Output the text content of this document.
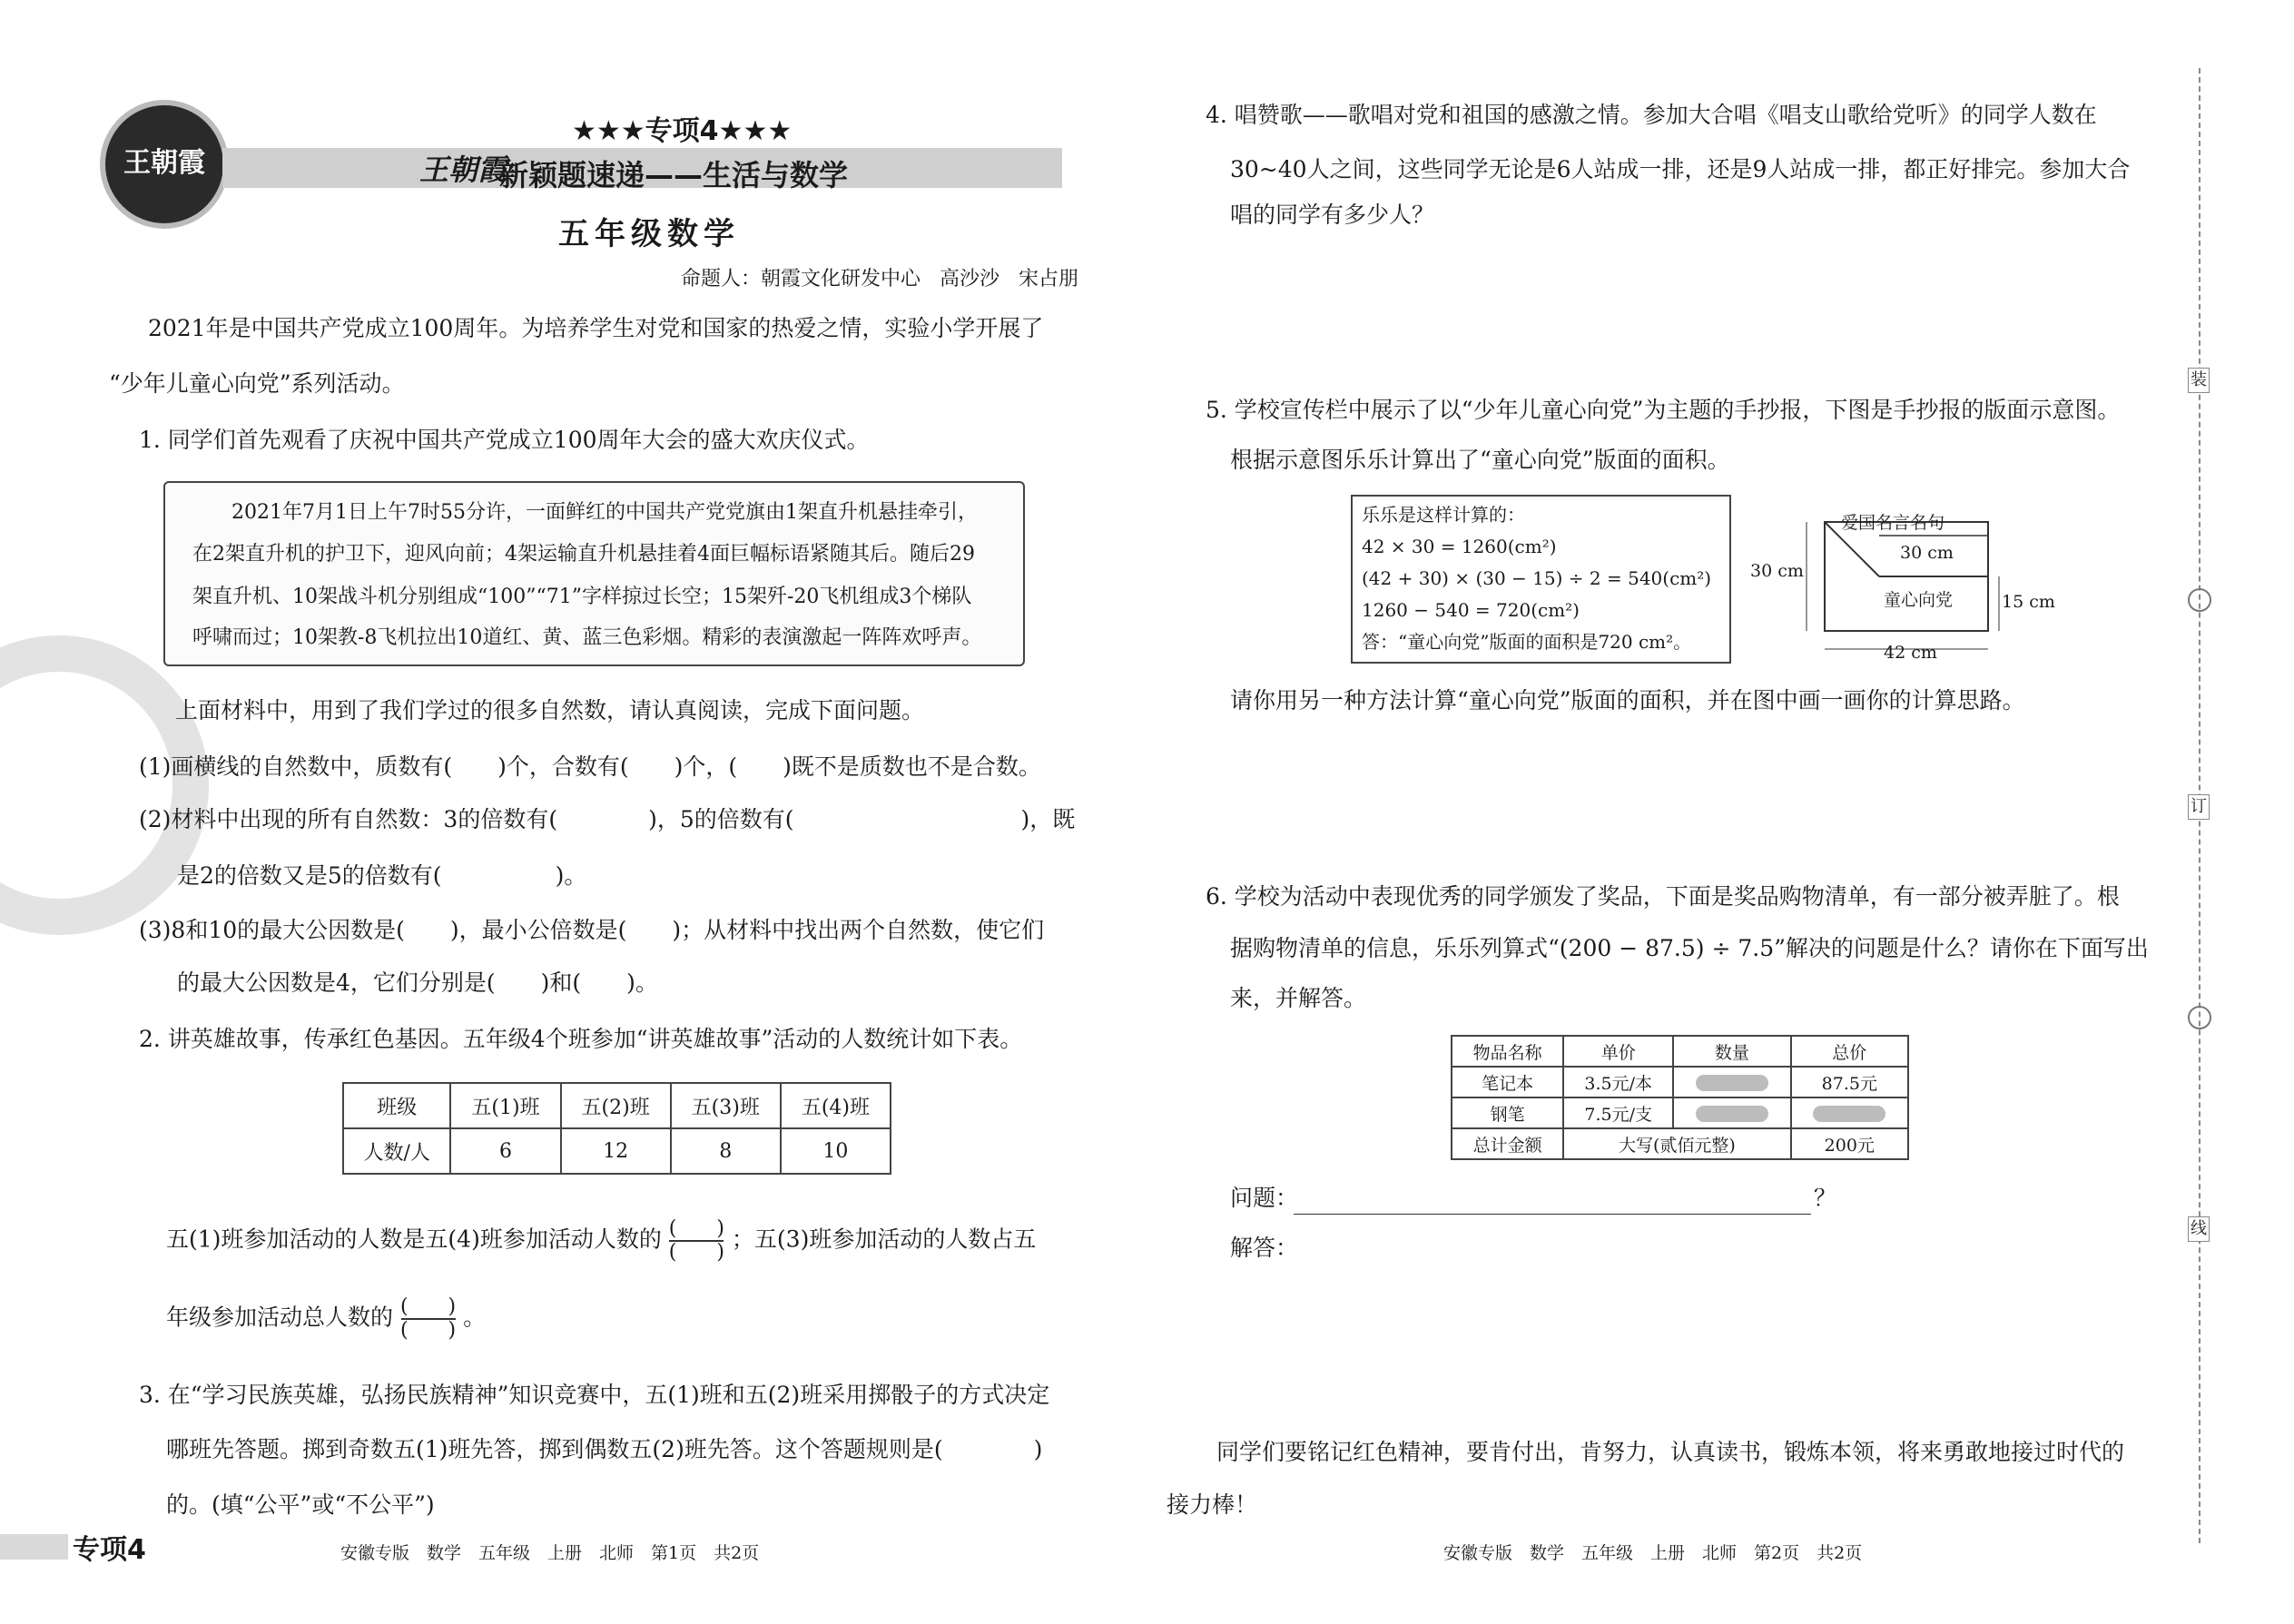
王朝霞
★★★专项4★★★
王朝霞
新颖题速递——生活与数学
五年级数学
命题人：朝霞文化研发中心   高沙沙   宋占朋
2021年是中国共产党成立100周年。为培养学生对党和国家的热爱之情，实验小学开展了
“少年儿童心向党”系列活动。
1. 同学们首先观看了庆祝中国共产党成立100周年大会的盛大欢庆仪式。
2021年7月1日上午7时55分许，一面鲜红的中国共产党党旗由1架直升机悬挂牵引，
在2架直升机的护卫下，迎风向前；4架运输直升机悬挂着4面巨幅标语紧随其后。随后29
架直升机、10架战斗机分别组成“100”“71”字样掠过长空；15架歼-20飞机组成3个梯队
呼啸而过；10架教-8飞机拉出10道红、黄、蓝三色彩烟。精彩的表演激起一阵阵欢呼声。
上面材料中，用到了我们学过的很多自然数，请认真阅读，完成下面问题。
(1)画横线的自然数中，质数有(　　)个，合数有(　　)个，(　　)既不是质数也不是合数。
(2)材料中出现的所有自然数：3的倍数有(　　　　)，5的倍数有(　　　　　　　　　　)，既
是2的倍数又是5的倍数有(　　　　　)。
(3)8和10的最大公因数是(　　)，最小公倍数是(　　)；从材料中找出两个自然数，使它们
的最大公因数是4，它们分别是(　　)和(　　)。
2. 讲英雄故事，传承红色基因。五年级4个班参加“讲英雄故事”活动的人数统计如下表。
班级	五(1)班	五(2)班	五(3)班	五(4)班
人数/人	6	12	8	10
五(1)班参加活动的人数是五(4)班参加活动人数的 $\frac{( )}{( )}$ ；五(3)班参加活动的人数占五
年级参加活动总人数的 $\frac{( )}{( )}$ 。
3. 在“学习民族英雄，弘扬民族精神”知识竞赛中，五(1)班和五(2)班采用掷骰子的方式决定
哪班先答题。掷到奇数五(1)班先答，掷到偶数五(2)班先答。这个答题规则是(　　　　)
的。(填“公平”或“不公平”)
专项4	安徽专版　数学　五年级　上册　北师　第1页　共2页
4. 唱赞歌——歌唱对党和祖国的感激之情。参加大合唱《唱支山歌给党听》的同学人数在
30~40人之间，这些同学无论是6人站成一排，还是9人站成一排，都正好排完。参加大合
唱的同学有多少人？
5. 学校宣传栏中展示了以“少年儿童心向党”为主题的手抄报，下图是手抄报的版面示意图。
根据示意图乐乐计算出了“童心向党”版面的面积。
乐乐是这样计算的：
42 × 30 = 1260(cm²)
(42 + 30) × (30 − 15) ÷ 2 = 540(cm²)
1260 − 540 = 720(cm²)
答：“童心向党”版面的面积是720 cm²。
爱国名言名句
30 cm
30 cm
童心向党	15 cm
42 cm
请你用另一种方法计算“童心向党”版面的面积，并在图中画一画你的计算思路。
6. 学校为活动中表现优秀的同学颁发了奖品，下面是奖品购物清单，有一部分被弄脏了。根
据购物清单的信息，乐乐列算式“(200 − 87.5) ÷ 7.5”解决的问题是什么？请你在下面写出
来，并解答。
物品名称	单价	数量	总价
笔记本	3.5元/本		87.5元
钢笔	7.5元/支		
总计金额	大写(贰佰元整)		200元
问题：	？
解答：
同学们要铭记红色精神，要肯付出，肯努力，认真读书，锻炼本领，将来勇敢地接过时代的
接力棒！
安徽专版　数学　五年级　上册　北师　第2页　共2页
装
订
线
